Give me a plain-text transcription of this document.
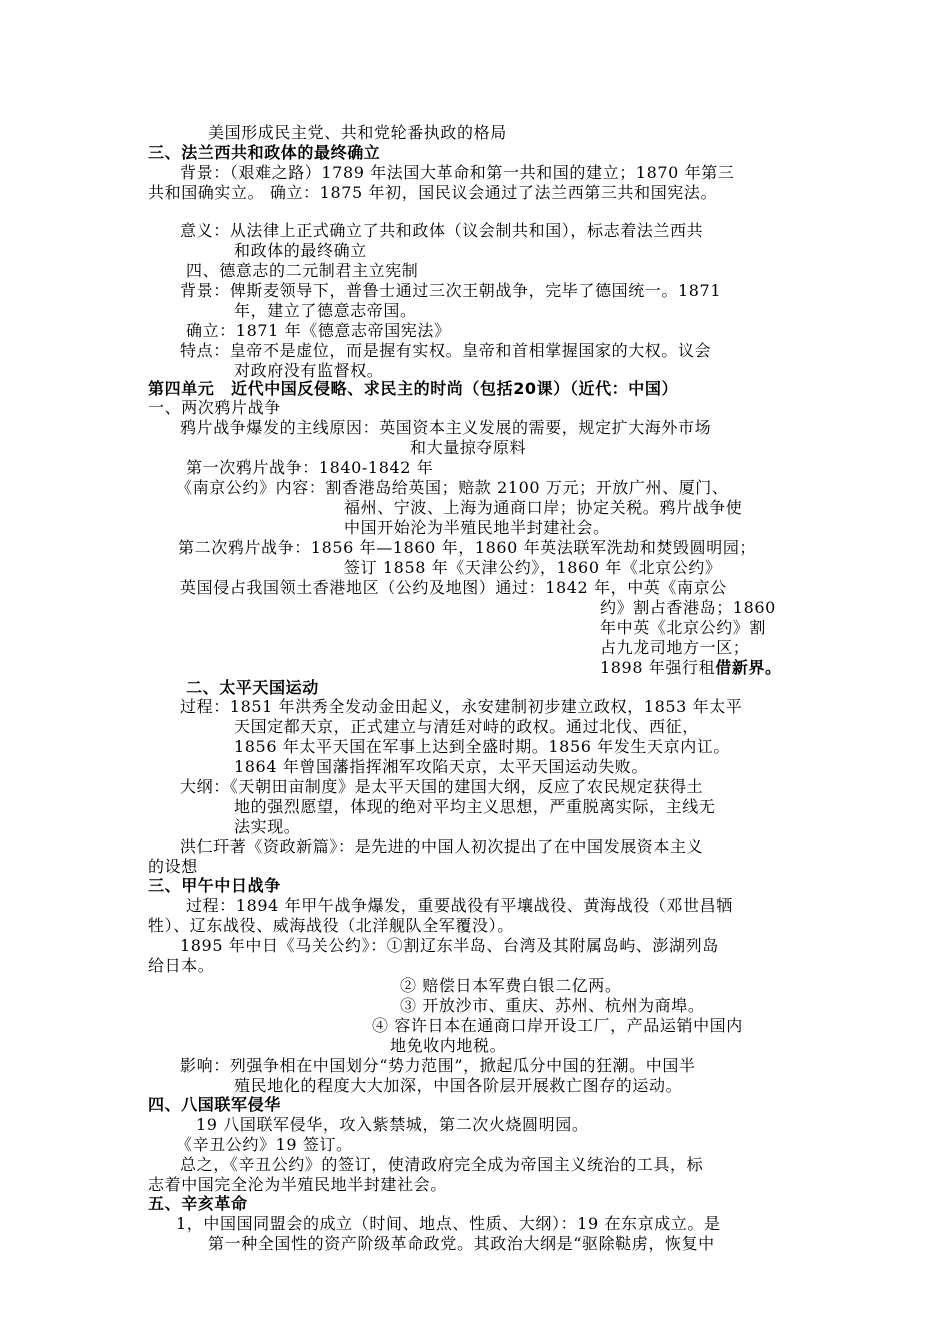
美国形成民主党、共和党轮番执政的格局
三、法兰西共和政体的最终确立
背景：（艰难之路）1789 年法国大革命和第一共和国的建立；1870 年第三
共和国确实立。 确立：1875 年初，国民议会通过了法兰西第三共和国宪法。
意义：从法律上正式确立了共和政体（议会制共和国），标志着法兰西共
和政体的最终确立
四、德意志的二元制君主立宪制
背景：俾斯麦领导下，普鲁士通过三次王朝战争，完毕了德国统一。1871
年，建立了德意志帝国。
确立：1871 年《德意志帝国宪法》
特点：皇帝不是虚位，而是握有实权。皇帝和首相掌握国家的大权。议会
对政府没有监督权。
第四单元　近代中国反侵略、求民主的时尚（包括20课）（近代：中国）
一、两次鸦片战争
鸦片战争爆发的主线原因：英国资本主义发展的需要，规定扩大海外市场
和大量掠夺原料
第一次鸦片战争：1840-1842 年
《南京公约》内容：割香港岛给英国；赔款 2100 万元；开放广州、厦门、
福州、宁波、上海为通商口岸；协定关税。鸦片战争使
中国开始沦为半殖民地半封建社会。
第二次鸦片战争：1856 年—1860 年，1860 年英法联军洗劫和焚毁圆明园；
签订 1858 年《天津公约》，1860 年《北京公约》
英国侵占我国领土香港地区（公约及地图）通过：1842 年，中英《南京公
约》割占香港岛；1860
年中英《北京公约》割
占九龙司地方一区；
1898 年强行租借新界。
二、太平天国运动
过程：1851 年洪秀全发动金田起义，永安建制初步建立政权，1853 年太平
天国定都天京，正式建立与清廷对峙的政权。通过北伐、西征，
1856 年太平天国在军事上达到全盛时期。1856 年发生天京内讧。
1864 年曾国藩指挥湘军攻陷天京，太平天国运动失败。
大纲：《天朝田亩制度》是太平天国的建国大纲，反应了农民规定获得土
地的强烈愿望，体现的绝对平均主义思想，严重脱离实际，主线无
法实现。
洪仁玕著《资政新篇》：是先进的中国人初次提出了在中国发展资本主义
的设想
三、甲午中日战争
过程：1894 年甲午战争爆发，重要战役有平壤战役、黄海战役（邓世昌牺
牲）、辽东战役、威海战役（北洋舰队全军覆没）。
1895 年中日《马关公约》：①割辽东半岛、台湾及其附属岛屿、澎湖列岛
给日本。
② 赔偿日本军费白银二亿两。
③ 开放沙市、重庆、苏州、杭州为商埠。
④ 容许日本在通商口岸开设工厂，产品运销中国内
地免收内地税。
影响：列强争相在中国划分“势力范围”，掀起瓜分中国的狂潮。中国半
殖民地化的程度大大加深，中国各阶层开展救亡图存的运动。
四、八国联军侵华
19 八国联军侵华，攻入紫禁城，第二次火烧圆明园。
《辛丑公约》19 签订。
总之，《辛丑公约》的签订，使清政府完全成为帝国主义统治的工具，标
志着中国完全沦为半殖民地半封建社会。
五、辛亥革命
1，中国国同盟会的成立（时间、地点、性质、大纲）：19 在东京成立。是
第一种全国性的资产阶级革命政党。其政治大纲是“驱除鞑虏，恢复中
